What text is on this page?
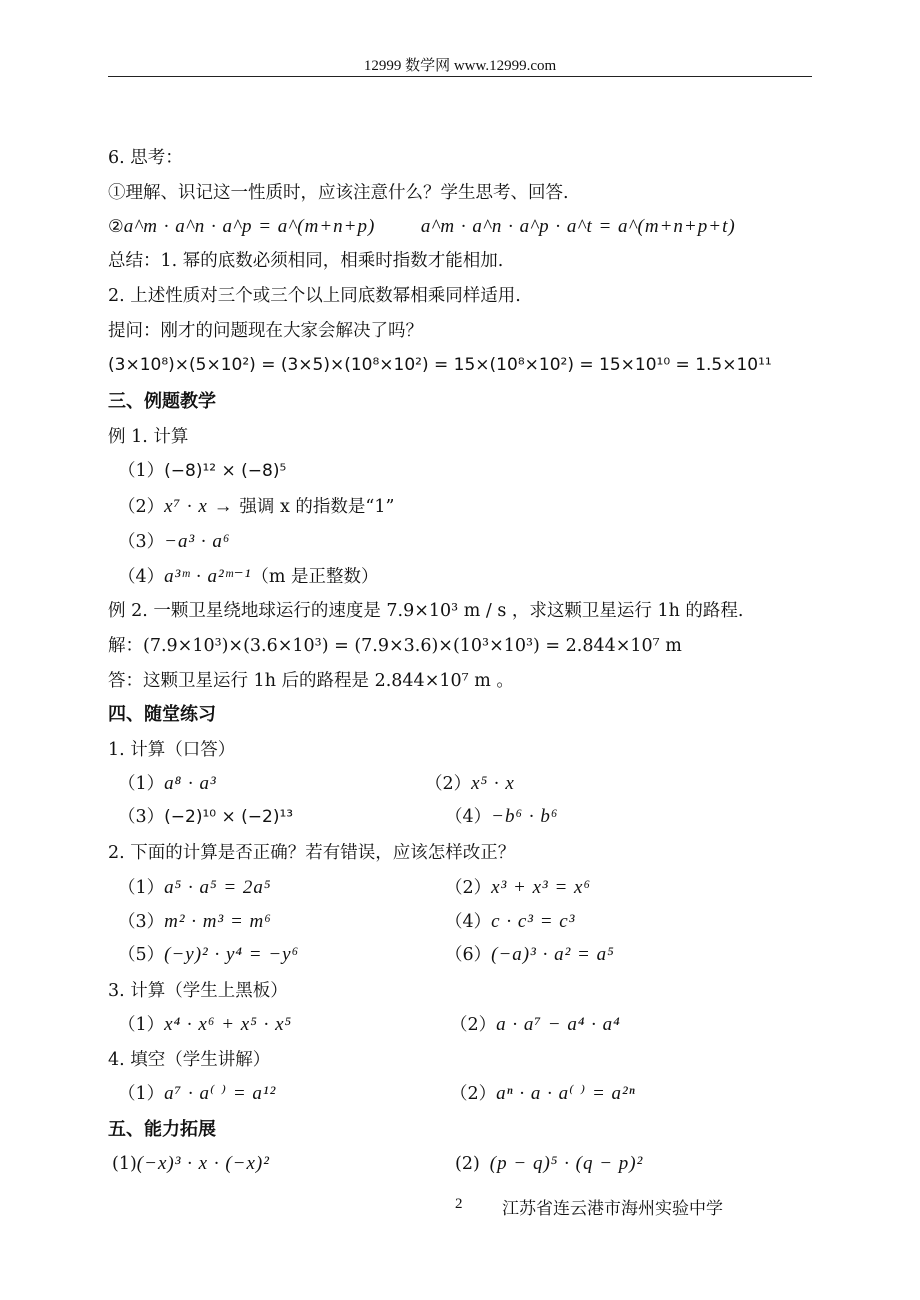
12999 数学网 www.12999.com
6. 思考：
①理解、识记这一性质时，应该注意什么？学生思考、回答.
②a^m · a^n · a^p = a^(m+n+p) a^m · a^n · a^p · a^t = a^(m+n+p+t)
总结：1. 幂的底数必须相同，相乘时指数才能相加.
2. 上述性质对三个或三个以上同底数幂相乘同样适用.
提问：刚才的问题现在大家会解决了吗？
(3×10⁸)×(5×10²) = (3×5)×(10⁸×10²) = 15×(10⁸×10²) = 15×10¹⁰ = 1.5×10¹¹
三、例题教学
例 1. 计算
（1）(−8)¹² × (−8)⁵
（2）x⁷ · x → 强调 x 的指数是“1”
（3）−a³ · a⁶
（4）a³ᵐ · a²ᵐ⁻¹（m 是正整数）
例 2. 一颗卫星绕地球运行的速度是 7.9×10³ m / s ，求这颗卫星运行 1h 的路程.
解：(7.9×10³)×(3.6×10³) = (7.9×3.6)×(10³×10³) = 2.844×10⁷ m
答：这颗卫星运行 1h 后的路程是 2.844×10⁷ m 。
四、随堂练习
1. 计算（口答）
（1）a⁸ · a³	（2）x⁵ · x
（3）(−2)¹⁰ × (−2)¹³	（4）−b⁶ · b⁶
2. 下面的计算是否正确？若有错误，应该怎样改正？
（1）a⁵ · a⁵ = 2a⁵	（2）x³ + x³ = x⁶
（3）m² · m³ = m⁶	（4）c · c³ = c³
（5）(−y)² · y⁴ = −y⁶	（6）(−a)³ · a² = a⁵
3. 计算（学生上黑板）
（1）x⁴ · x⁶ + x⁵ · x⁵	（2）a · a⁷ − a⁴ · a⁴
4. 填空（学生讲解）
（1）a⁷ · a⁽ ⁾ = a¹²	（2）aⁿ · a · a⁽ ⁾ = a²ⁿ
五、能力拓展
(1)(−x)³ · x · (−x)²	(2) (p − q)⁵ · (q − p)²
2 江苏省连云港市海州实验中学
